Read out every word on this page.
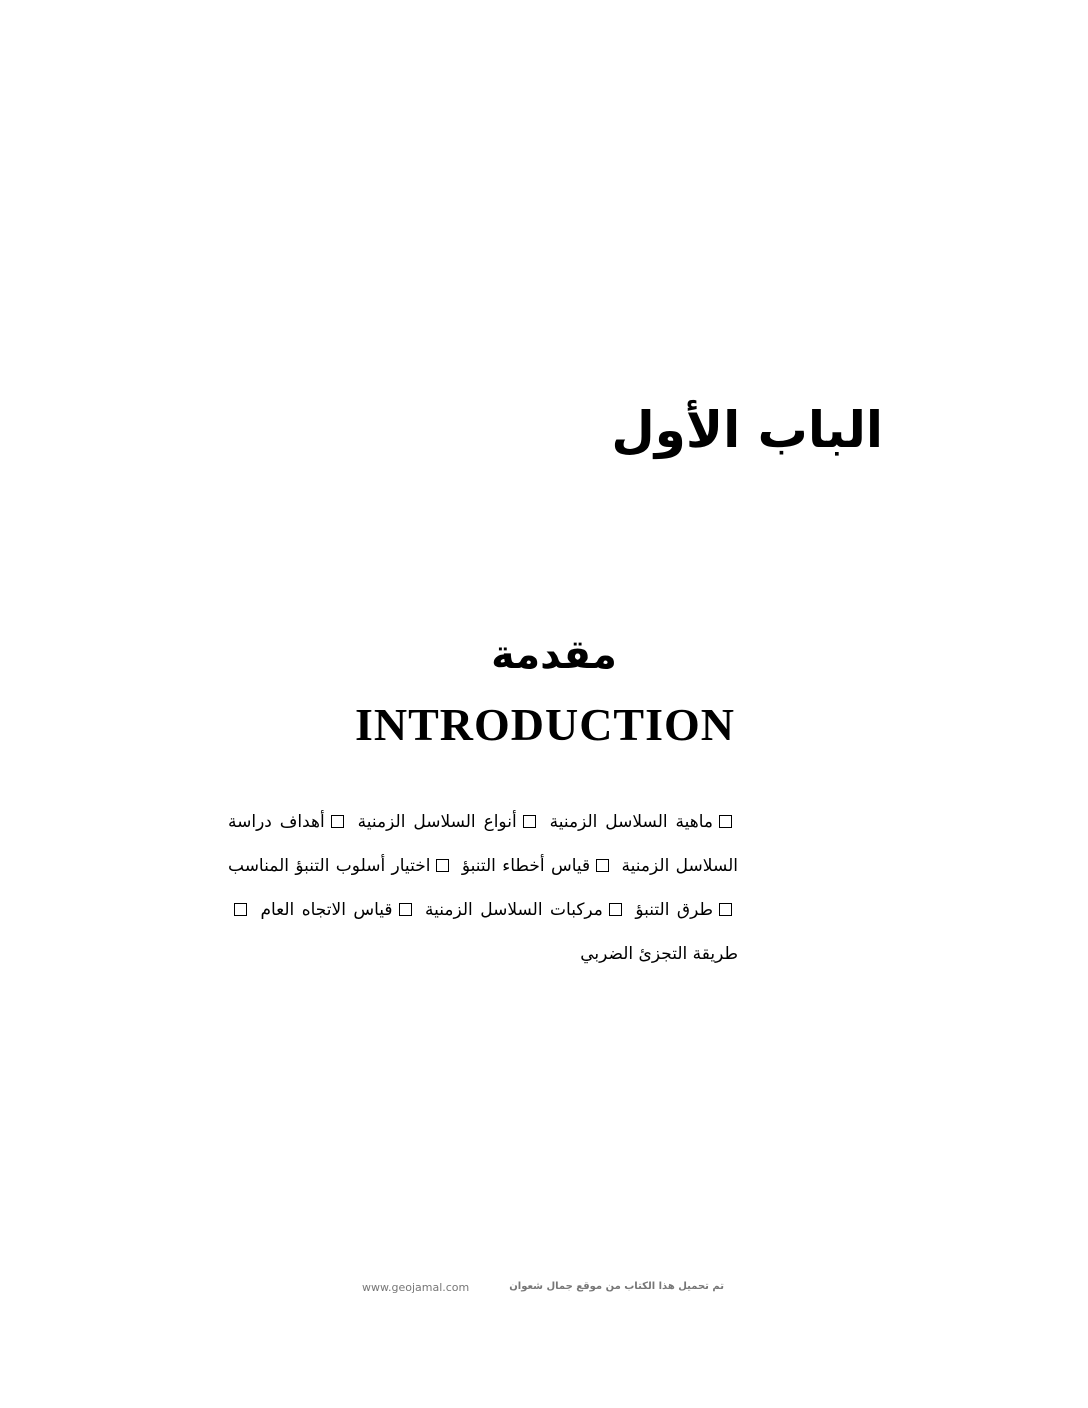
الباب الأول
مقدمة
INTRODUCTION
ماهية السلاسل الزمنية أنواع السلاسل الزمنية أهداف دراسة السلاسل الزمنية قياس أخطاء التنبؤ اختيار أسلوب التنبؤ المناسب طرق التنبؤ مركبات السلاسل الزمنية قياس الاتجاه العام طريقة التجزئ الضربي
www.geojamal.com	تم تحميل هذا الكتاب من موقع جمال شعوان
